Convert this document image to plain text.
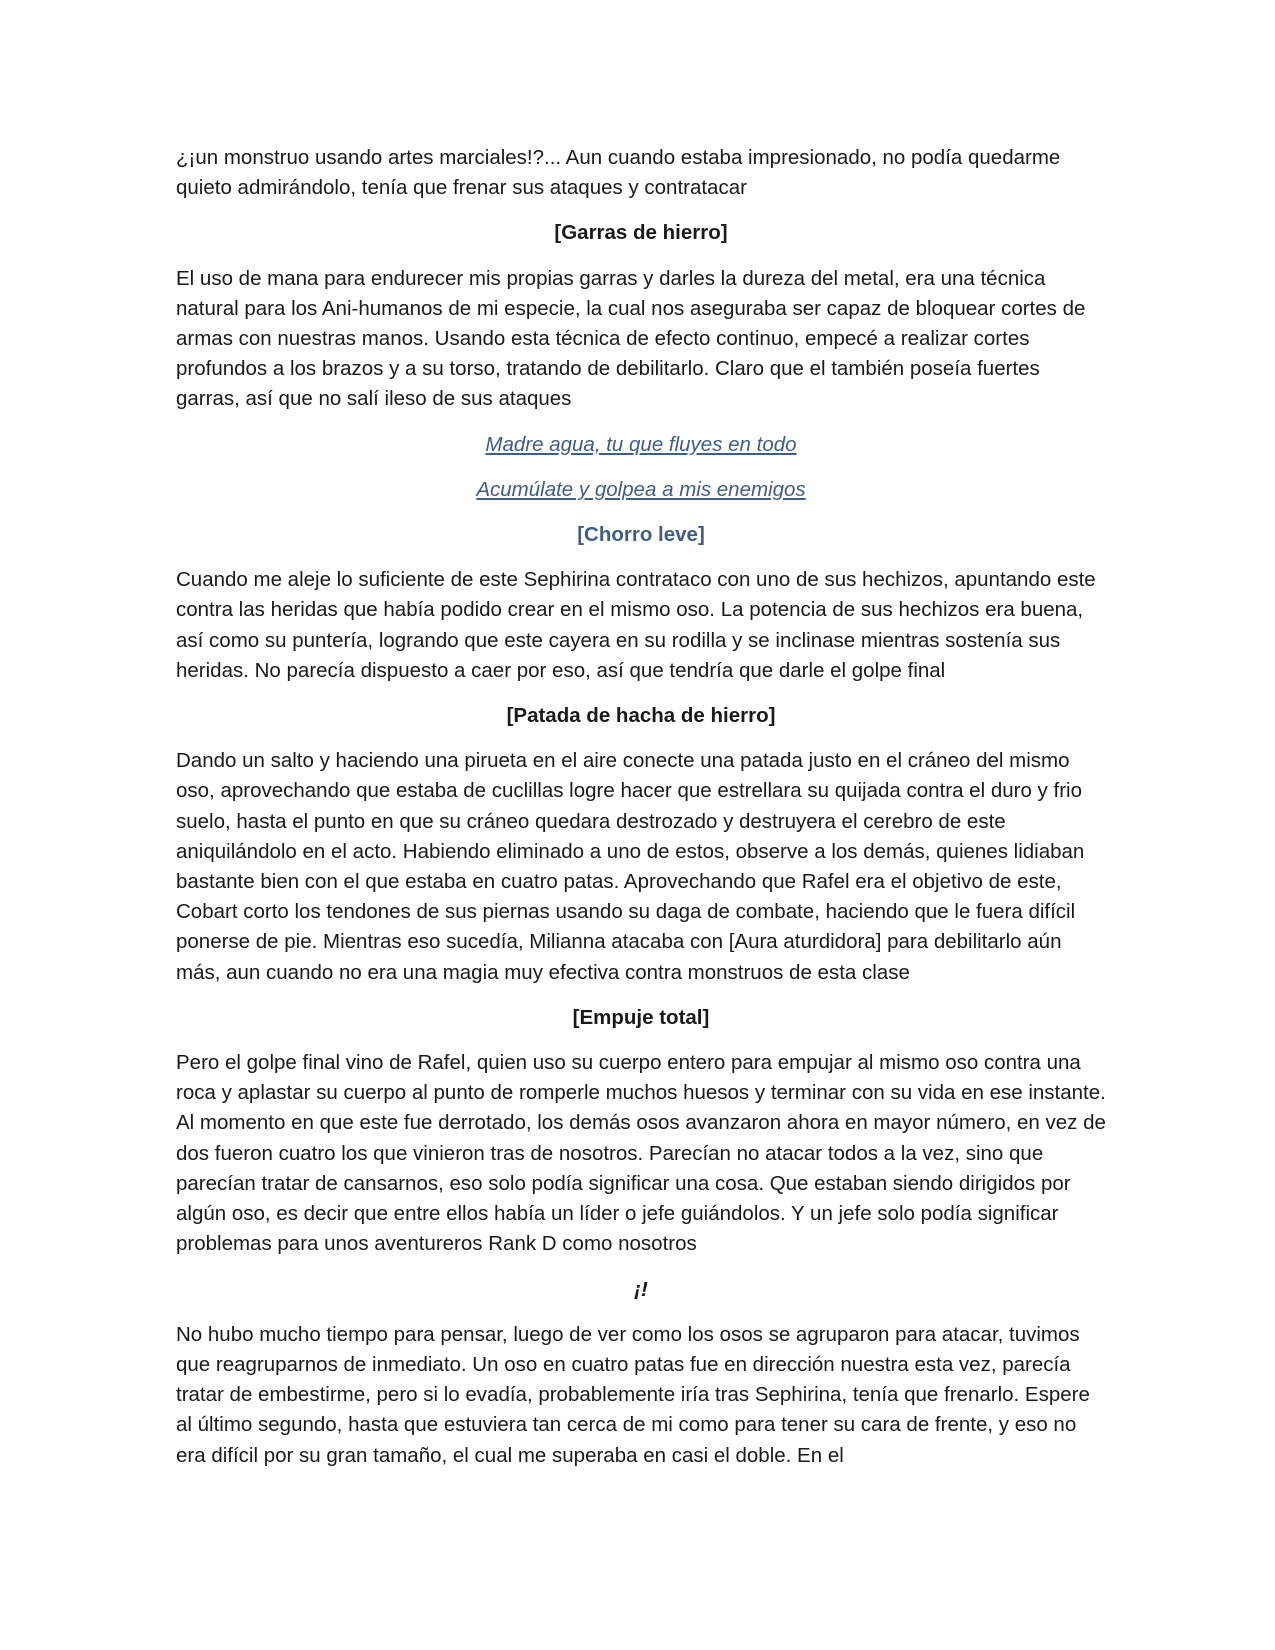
¿¡un monstruo usando artes marciales!?... Aun cuando estaba impresionado, no podía quedarme quieto admirándolo, tenía que frenar sus ataques y contratacar

[Garras de hierro]

El uso de mana para endurecer mis propias garras y darles la dureza del metal, era una técnica natural para los Ani-humanos de mi especie, la cual nos aseguraba ser capaz de bloquear cortes de armas con nuestras manos. Usando esta técnica de efecto continuo, empecé a realizar cortes profundos a los brazos y a su torso, tratando de debilitarlo. Claro que el también poseía fuertes garras, así que no salí ileso de sus ataques

Madre agua, tu que fluyes en todo

Acumúlate y golpea a mis enemigos

[Chorro leve]

Cuando me aleje lo suficiente de este Sephirina contrataco con uno de sus hechizos, apuntando este contra las heridas que había podido crear en el mismo oso. La potencia de sus hechizos era buena, así como su puntería, logrando que este cayera en su rodilla y se inclinase mientras sostenía sus heridas. No parecía dispuesto a caer por eso, así que tendría que darle el golpe final

[Patada de hacha de hierro]

Dando un salto y haciendo una pirueta en el aire conecte una patada justo en el cráneo del mismo oso, aprovechando que estaba de cuclillas logre hacer que estrellara su quijada contra el duro y frio suelo, hasta el punto en que su cráneo quedara destrozado y destruyera el cerebro de este aniquilándolo en el acto. Habiendo eliminado a uno de estos, observe a los demás, quienes lidiaban bastante bien con el que estaba en cuatro patas. Aprovechando que Rafel era el objetivo de este, Cobart corto los tendones de sus piernas usando su daga de combate, haciendo que le fuera difícil ponerse de pie. Mientras eso sucedía, Milianna atacaba con [Aura aturdidora] para debilitarlo aún más, aun cuando no era una magia muy efectiva contra monstruos de esta clase

[Empuje total]

Pero el golpe final vino de Rafel, quien uso su cuerpo entero para empujar al mismo oso contra una roca y aplastar su cuerpo al punto de romperle muchos huesos y terminar con su vida en ese instante. Al momento en que este fue derrotado, los demás osos avanzaron ahora en mayor número, en vez de dos fueron cuatro los que vinieron tras de nosotros. Parecían no atacar todos a la vez, sino que parecían tratar de cansarnos, eso solo podía significar una cosa. Que estaban siendo dirigidos por algún oso, es decir que entre ellos había un líder o jefe guiándolos. Y un jefe solo podía significar problemas para unos aventureros Rank D como nosotros

¡!

No hubo mucho tiempo para pensar, luego de ver como los osos se agruparon para atacar, tuvimos que reagruparnos de inmediato. Un oso en cuatro patas fue en dirección nuestra esta vez, parecía tratar de embestirme, pero si lo evadía, probablemente iría tras Sephirina, tenía que frenarlo. Espere al último segundo, hasta que estuviera tan cerca de mi como para tener su cara de frente, y eso no era difícil por su gran tamaño, el cual me superaba en casi el doble. En el
